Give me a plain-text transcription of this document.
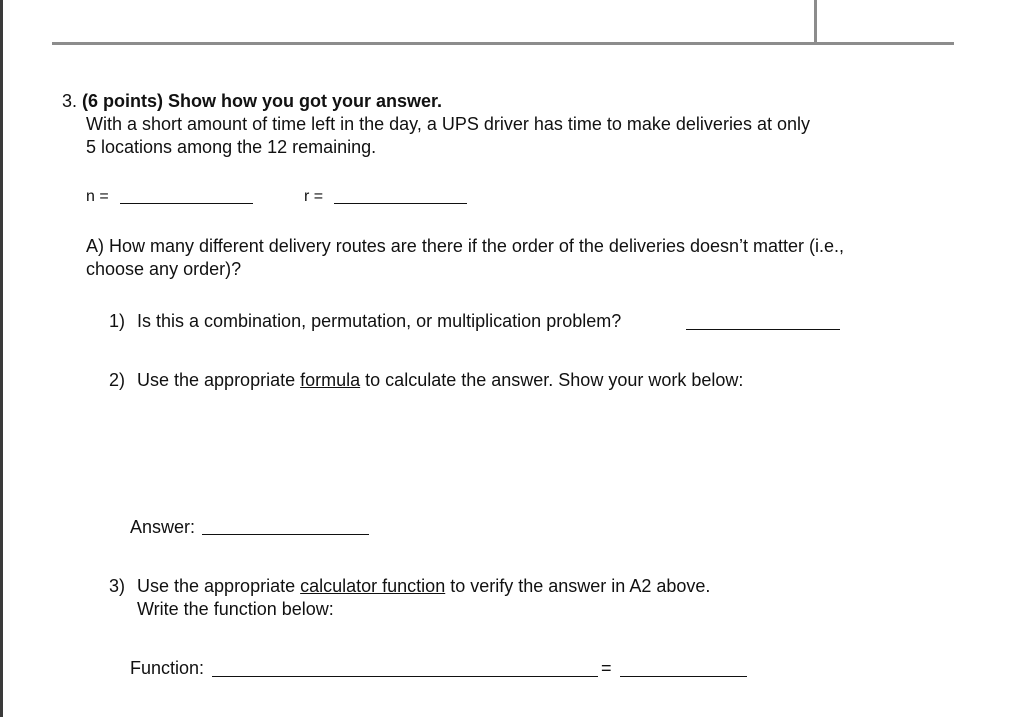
3. (6 points) Show how you got your answer.
With a short amount of time left in the day, a UPS driver has time to make deliveries at only
5 locations among the 12 remaining.
n =	r =
A) How many different delivery routes are there if the order of the deliveries doesn’t matter (i.e.,
choose any order)?
1) Is this a combination, permutation, or multiplication problem?
2) Use the appropriate formula to calculate the answer. Show your work below:
Answer:
3) Use the appropriate calculator function to verify the answer in A2 above.
Write the function below:
Function:	=
